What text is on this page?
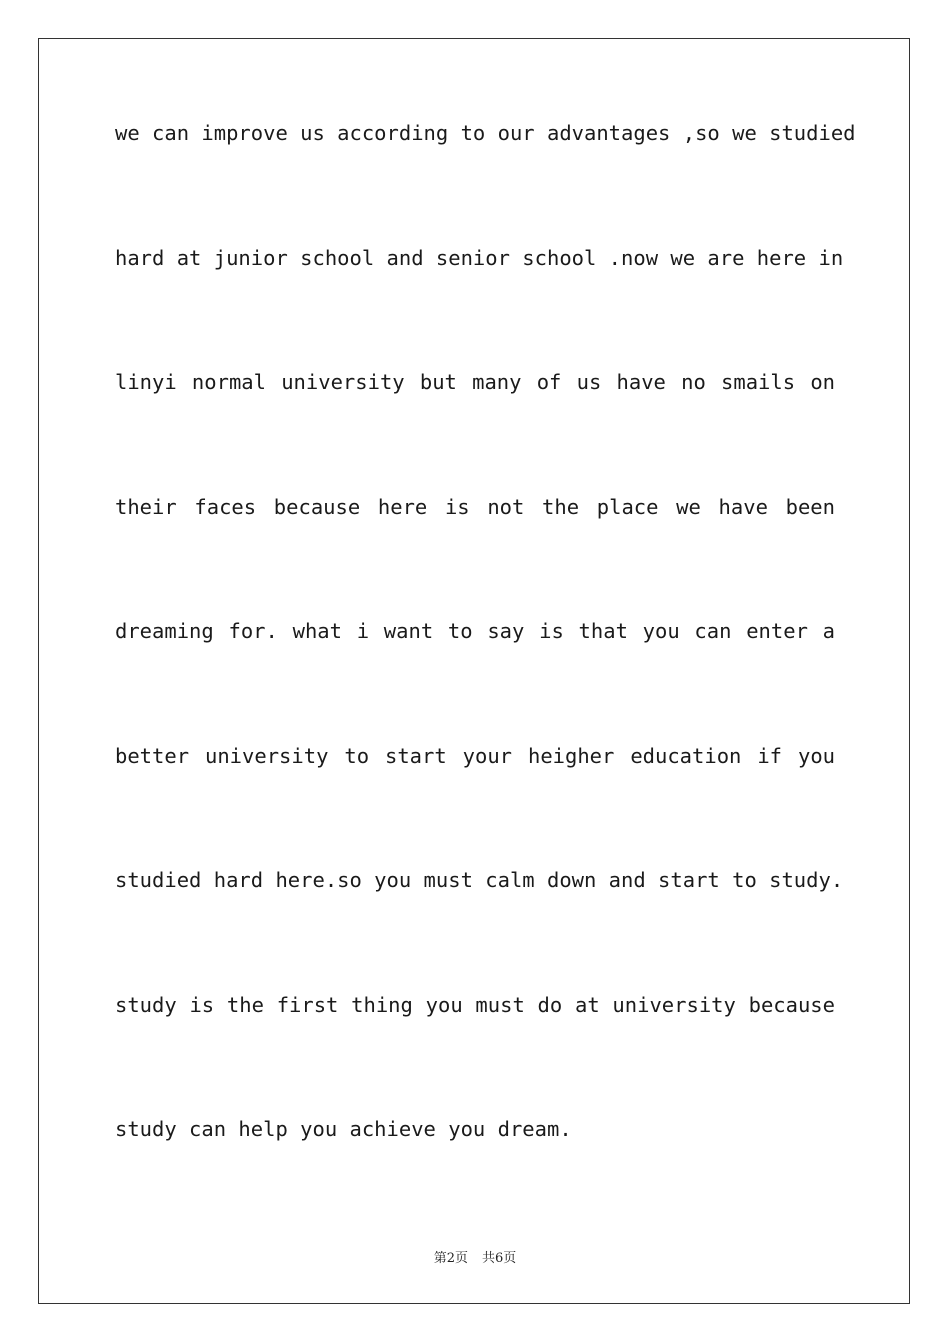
we can improve us according to our advantages ,so we studied
hard at junior school and senior school .now we are here in
linyi normal university but many of us have no smails on
their faces because here is not the place we have been
dreaming for. what i want to say is that you can enter a
better university to start your heigher education if you
studied hard here.so you must calm down and start to study.
study is the first thing you must do at university because
study can help you achieve you dream.
第2页 共6页
